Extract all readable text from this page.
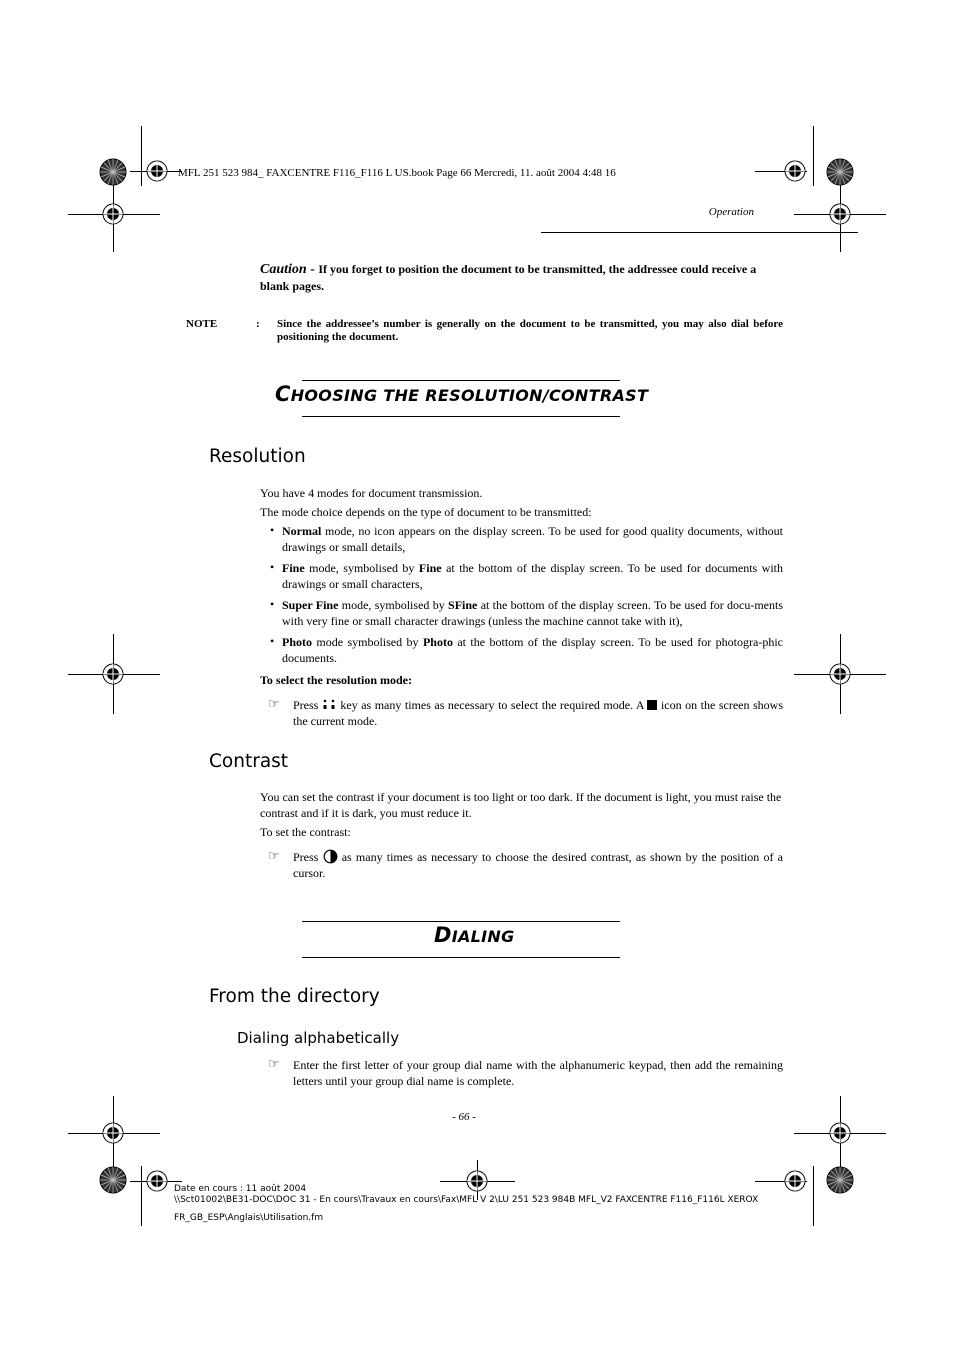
MFL 251 523 984_ FAXCENTRE F116_F116 L US.book Page 66 Mercredi, 11. août 2004 4:48 16
Operation
Caution - If you forget to position the document to be transmitted, the addressee could receive a blank pages.
NOTE	: Since the addressee’s number is generally on the document to be transmitted, you may also dial before positioning the document.
CHOOSING THE RESOLUTION/CONTRAST
Resolution
You have 4 modes for document transmission.
The mode choice depends on the type of document to be transmitted:
• Normal mode, no icon appears on the display screen. To be used for good quality documents, without drawings or small details,
• Fine mode, symbolised by Fine at the bottom of the display screen. To be used for documents with drawings or small characters,
• Super Fine mode, symbolised by SFine at the bottom of the display screen. To be used for docu-ments with very fine or small character drawings (unless the machine cannot take with it),
• Photo mode symbolised by Photo at the bottom of the display screen. To be used for photogra-phic documents.
To select the resolution mode:
☞ Press  key as many times as necessary to select the required mode. A  icon on the screen shows the current mode.
Contrast
You can set the contrast if your document is too light or too dark. If the document is light, you must raise the contrast and if it is dark, you must reduce it.
To set the contrast:
☞ Press  as many times as necessary to choose the desired contrast, as shown by the position of a cursor.
DIALING
From the directory
Dialing alphabetically
☞ Enter the first letter of your group dial name with the alphanumeric keypad, then add the remaining letters until your group dial name is complete.
- 66 -
Date en cours : 11 août 2004
\\Sct01002\BE31-DOC\DOC 31 - En cours\Travaux en cours\Fax\MFL V 2\LU 251 523 984B MFL_V2 FAXCENTRE F116_F116L XEROX
FR_GB_ESP\Anglais\Utilisation.fm
